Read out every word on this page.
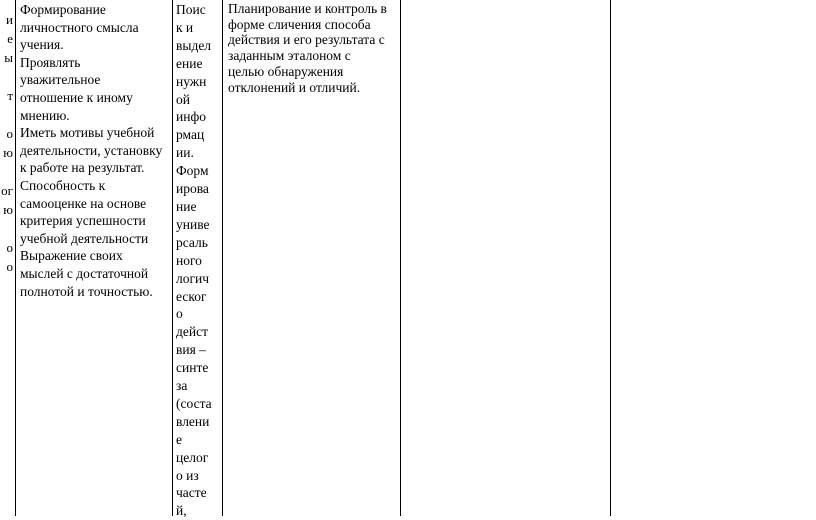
и
е
ы

т

о
ю

ог
ю

о
о
Формирование
личностного смысла
учения.
Проявлять
уважительное
отношение к иному
мнению.
Иметь мотивы учебной
деятельности, установку
к работе на результат.
Способность к
самооценке на основе
критерия успешности
учебной деятельности
Выражение своих
мыслей с достаточной
полнотой и точностью.
Поис
к и
выдел
ение
нужн
ой
инфо
рмац
ии.
Форм
ирова
ние
униве
рсаль
ного
логич
еског
о
дейст
вия –
синте
за
(соста
влени
е
целог
о из
часте
й,
Планирование и контроль в
форме сличения способа
действия и его результата с
заданным эталоном с
целью обнаружения
отклонений и отличий.
